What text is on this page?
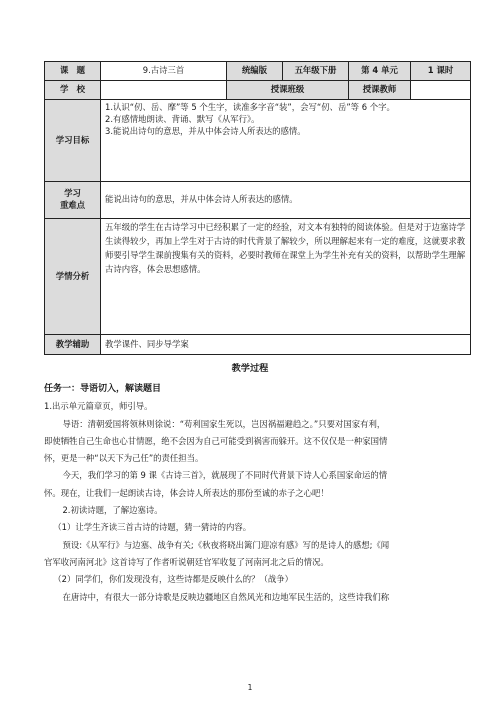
课　题	9.古诗三首	统编版	五年级下册	第 4 单元	1 课时
学　校		授课班级		授课教师	
学习目标	1.认识“仞、岳、摩”等 5 个生字，读准多字音“装”，会写“仞、岳”等 6 个字。
2.有感情地朗读、背诵、默写《从军行》。
3.能说出诗句的意思，并从中体会诗人所表达的感情。				

学习
重难点	能说出诗句的意思，并从中体会诗人所表达的感情。				
学情分析	五年级的学生在古诗学习中已经积累了一定的经验，对文本有独特的阅读体验。但是对于边塞诗学生读得较少，再加上学生对于古诗的时代背景了解较少，所以理解起来有一定的难度，这就要求教师要引导学生课前搜集有关的资料，必要时教师在课堂上为学生补充有关的资料，以帮助学生理解古诗内容，体会思想感情。				
教学辅助	教学课件、同步导学案				
教学过程
任务一：导语切入，解读题目
1.出示单元篇章页，师引导。
导语：清朝爱国将领林则徐说：“苟利国家生死以，岂因祸福避趋之。”只要对国家有利，
即使牺牲自己生命也心甘情愿，绝不会因为自己可能受到祸害而躲开。这不仅仅是一种家国情
怀，更是一种“以天下为己任”的责任担当。
今天，我们学习的第 9 课《古诗三首》，就展现了不同时代背景下诗人心系国家命运的情
怀。现在，让我们一起朗读古诗，体会诗人所表达的那份至诚的赤子之心吧！
2.初读诗题，了解边塞诗。
（1）让学生齐读三首古诗的诗题，猜一猜诗的内容。
预设:《从军行》与边塞、战争有关;《秋夜将晓出篱门迎凉有感》写的是诗人的感想;《闻
官军收河南河北》这首诗写了作者听说朝廷官军收复了河南河北之后的情况。
（2）同学们，你们发现没有，这些诗都是反映什么的？（战争）
在唐诗中，有很大一部分诗歌是反映边疆地区自然风光和边地军民生活的，这些诗我们称
1
